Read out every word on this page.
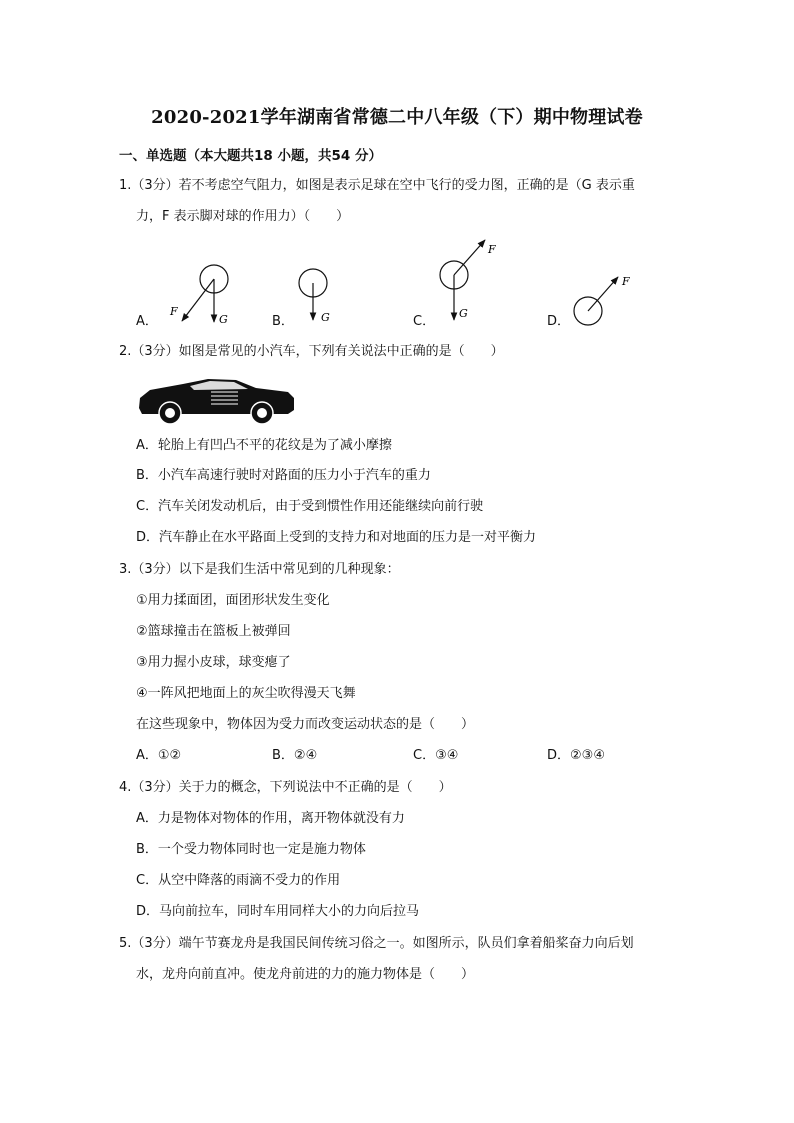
2020-2021学年湖南省常德二中八年级（下）期中物理试卷
一、单选题（本大题共18 小题，共54 分）
1.（3分）若不考虑空气阻力，如图是表示足球在空中飞行的受力图，正确的是（G 表示重
力，F 表示脚对球的作用力）（　　）
F
G	G
F
G
F
A．	B．	C．	D．
2.（3分）如图是常见的小汽车，下列有关说法中正确的是（　　）
A．轮胎上有凹凸不平的花纹是为了减小摩擦
B．小汽车高速行驶时对路面的压力小于汽车的重力
C．汽车关闭发动机后，由于受到惯性作用还能继续向前行驶
D．汽车静止在水平路面上受到的支持力和对地面的压力是一对平衡力
3.（3分）以下是我们生活中常见到的几种现象：
①用力揉面团，面团形状发生变化
②篮球撞击在篮板上被弹回
③用力握小皮球，球变瘪了
④一阵风把地面上的灰尘吹得漫天飞舞
在这些现象中，物体因为受力而改变运动状态的是（　　）
A．①②	B．②④	C．③④	D．②③④
4.（3分）关于力的概念，下列说法中不正确的是（　　）
A．力是物体对物体的作用，离开物体就没有力
B．一个受力物体同时也一定是施力物体
C．从空中降落的雨滴不受力的作用
D．马向前拉车，同时车用同样大小的力向后拉马
5.（3分）端午节赛龙舟是我国民间传统习俗之一。如图所示，队员们拿着船桨奋力向后划
水，龙舟向前直冲。使龙舟前进的力的施力物体是（　　）
